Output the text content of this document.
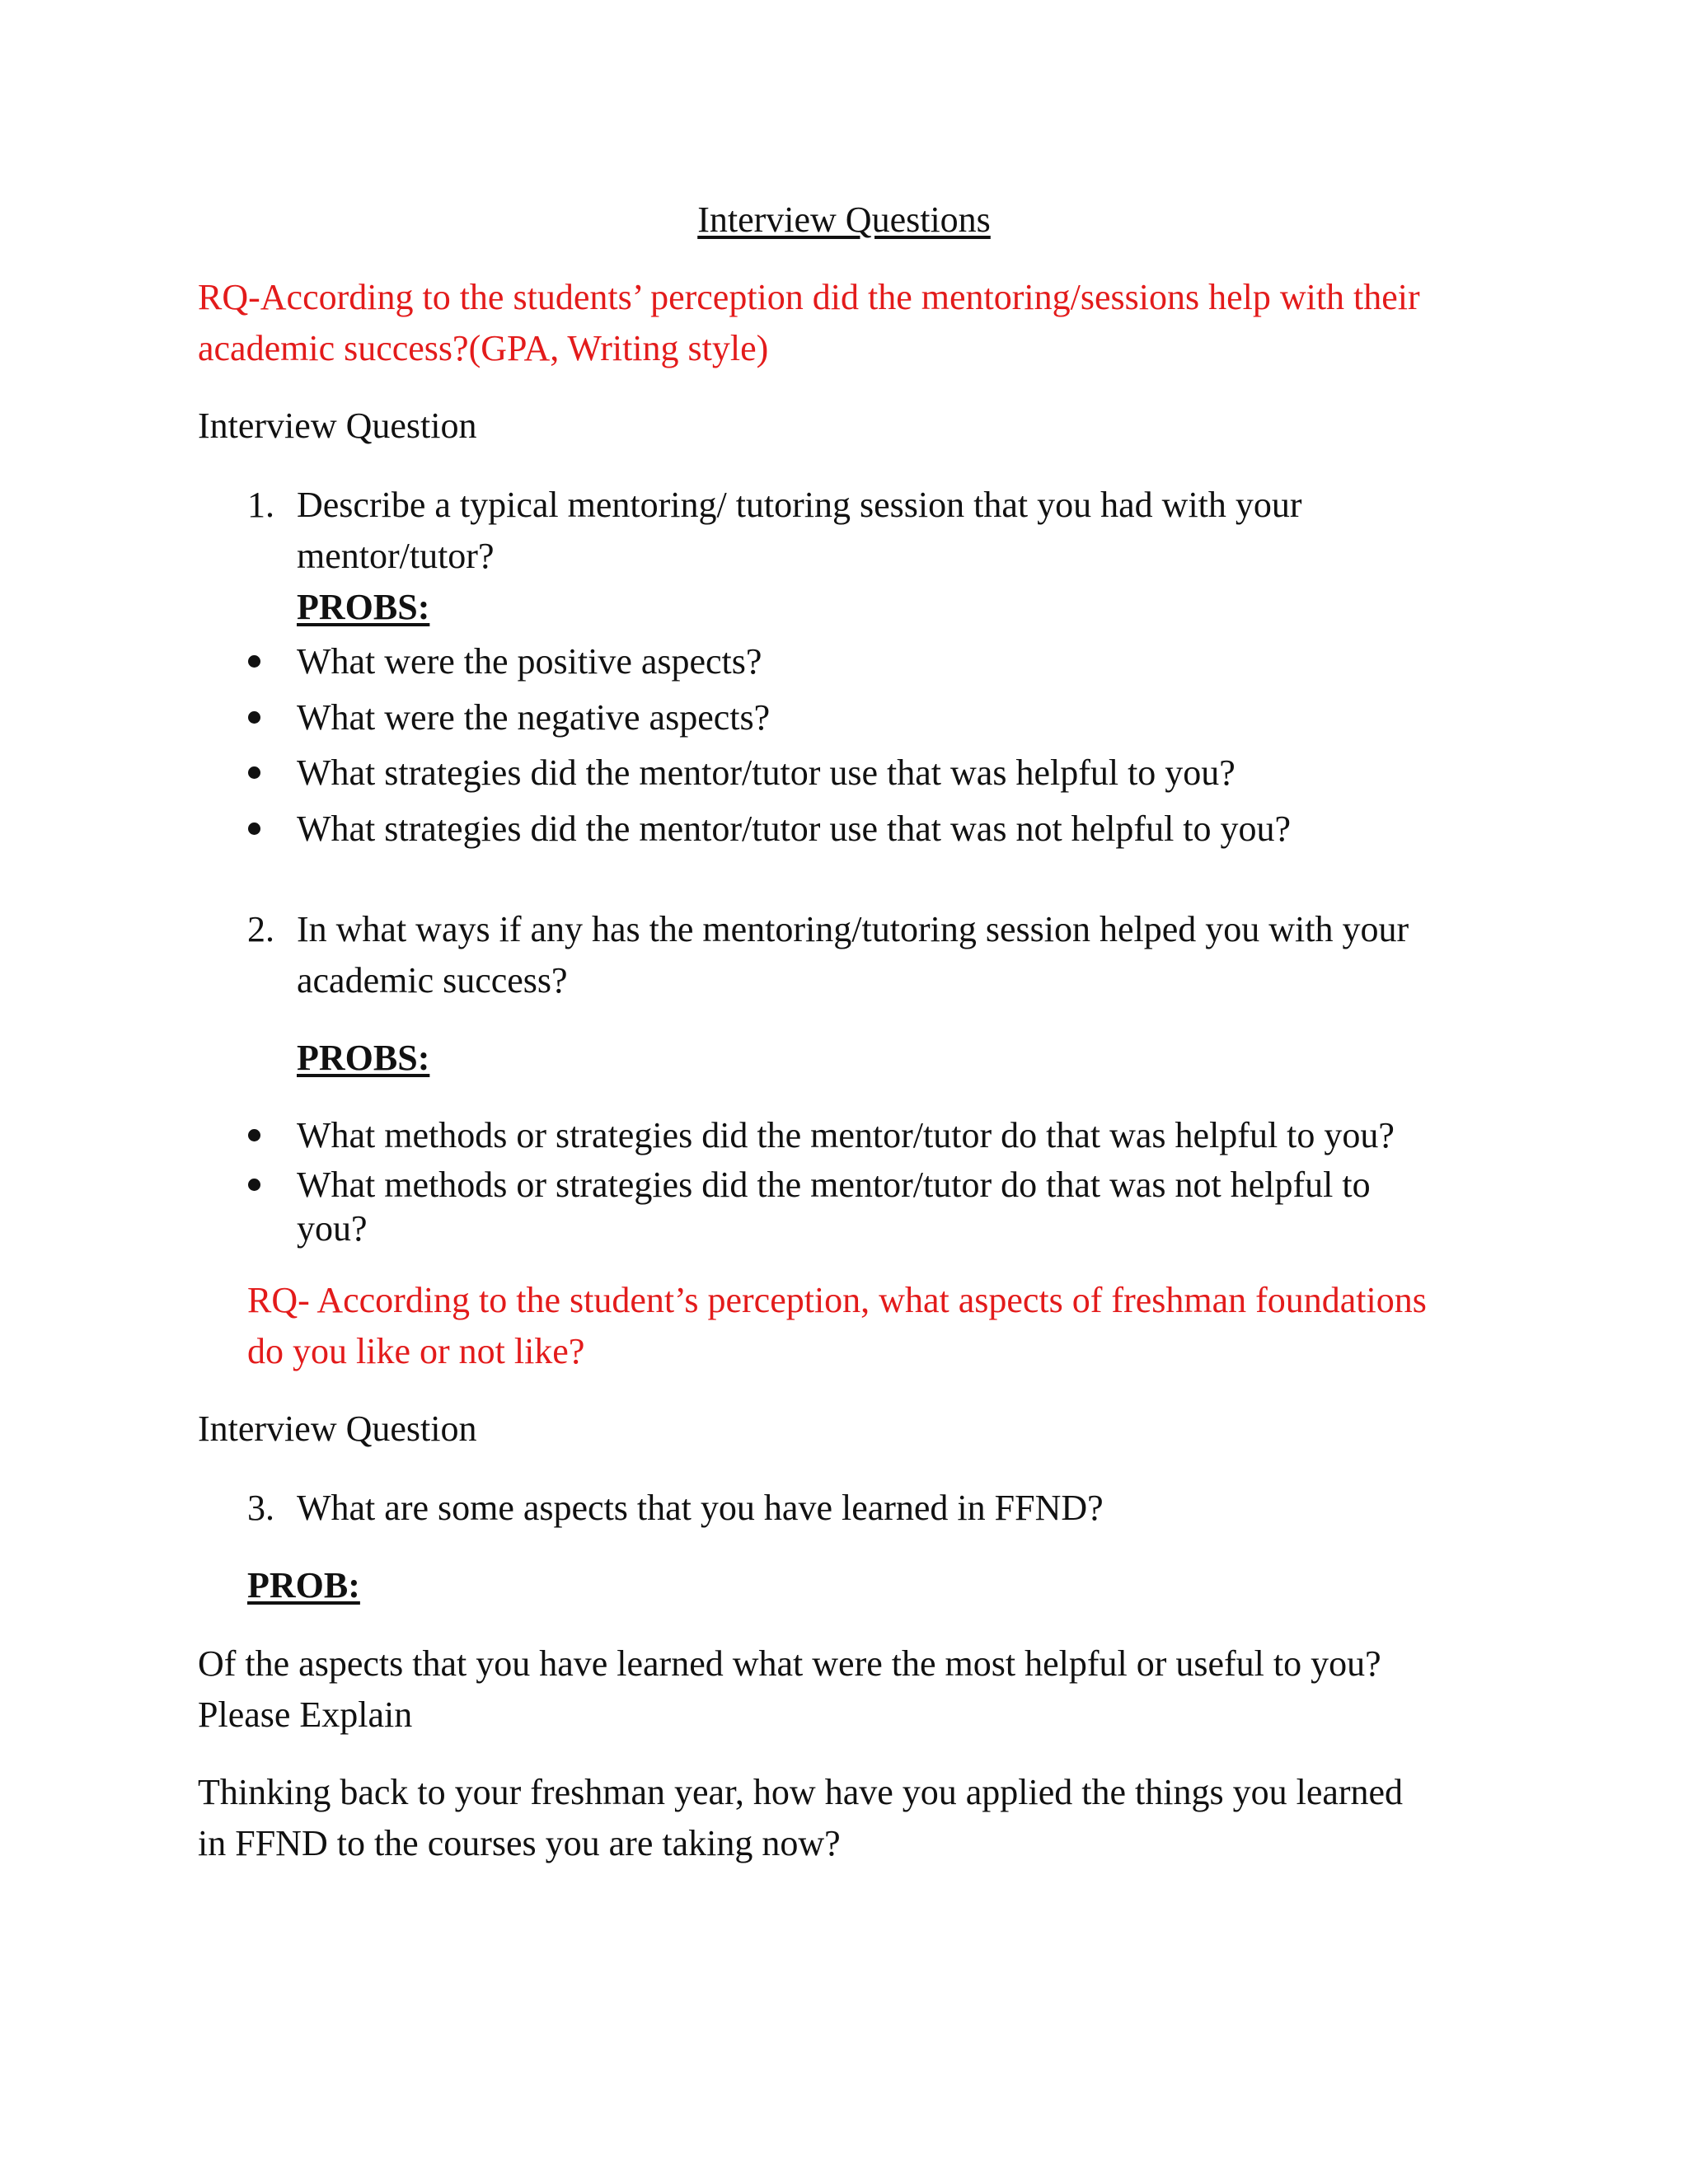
Interview Questions
RQ-According to the students’ perception did the mentoring/sessions help with their
academic success?(GPA, Writing style)
Interview Question
1. Describe a typical mentoring/ tutoring session that you had with your
mentor/tutor?
PROBS:
What were the positive aspects?
What were the negative aspects?
What strategies did the mentor/tutor use that was helpful to you?
What strategies did the mentor/tutor use that was not helpful to you?
2. In what ways if any has the mentoring/tutoring session helped you with your
academic success?
PROBS:
What methods or strategies did the mentor/tutor do that was helpful to you?
What methods or strategies did the mentor/tutor do that was not helpful to
you?
RQ- According to the student’s perception, what aspects of freshman foundations
do you like or not like?
Interview Question
3. What are some aspects that you have learned in FFND?
PROB:
Of the aspects that you have learned what were the most helpful or useful to you?
Please Explain
Thinking back to your freshman year, how have you applied the things you learned
in FFND to the courses you are taking now?
